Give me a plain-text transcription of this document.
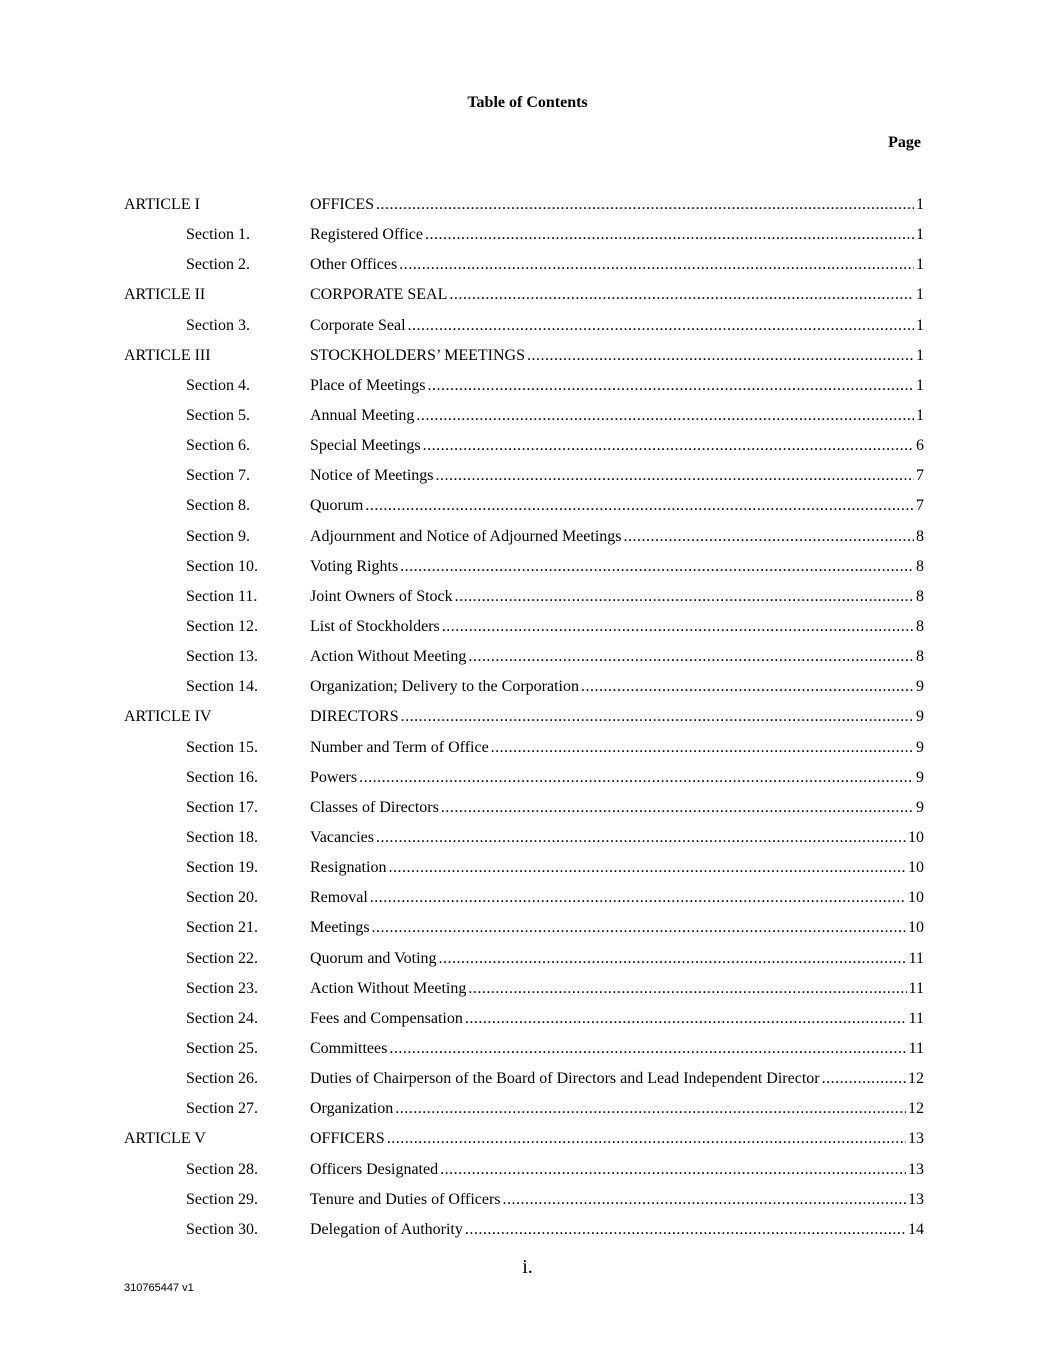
Table of Contents
Page
ARTICLE I	OFFICES .....	1
Section 1.	Registered Office .....	1
Section 2.	Other Offices .....	1
ARTICLE II	CORPORATE SEAL .....	1
Section 3.	Corporate Seal .....	1
ARTICLE III	STOCKHOLDERS’ MEETINGS .....	1
Section 4.	Place of Meetings .....	1
Section 5.	Annual Meeting .....	1
Section 6.	Special Meetings .....	6
Section 7.	Notice of Meetings .....	7
Section 8.	Quorum .....	7
Section 9.	Adjournment and Notice of Adjourned Meetings .....	8
Section 10.	Voting Rights .....	8
Section 11.	Joint Owners of Stock .....	8
Section 12.	List of Stockholders .....	8
Section 13.	Action Without Meeting .....	8
Section 14.	Organization; Delivery to the Corporation .....	9
ARTICLE IV	DIRECTORS .....	9
Section 15.	Number and Term of Office .....	9
Section 16.	Powers .....	9
Section 17.	Classes of Directors .....	9
Section 18.	Vacancies .....	10
Section 19.	Resignation .....	10
Section 20.	Removal .....	10
Section 21.	Meetings .....	10
Section 22.	Quorum and Voting .....	11
Section 23.	Action Without Meeting .....	11
Section 24.	Fees and Compensation .....	11
Section 25.	Committees .....	11
Section 26.	Duties of Chairperson of the Board of Directors and Lead Independent Director .....	12
Section 27.	Organization .....	12
ARTICLE V	OFFICERS .....	13
Section 28.	Officers Designated .....	13
Section 29.	Tenure and Duties of Officers .....	13
Section 30.	Delegation of Authority .....	14
i.
310765447 v1
